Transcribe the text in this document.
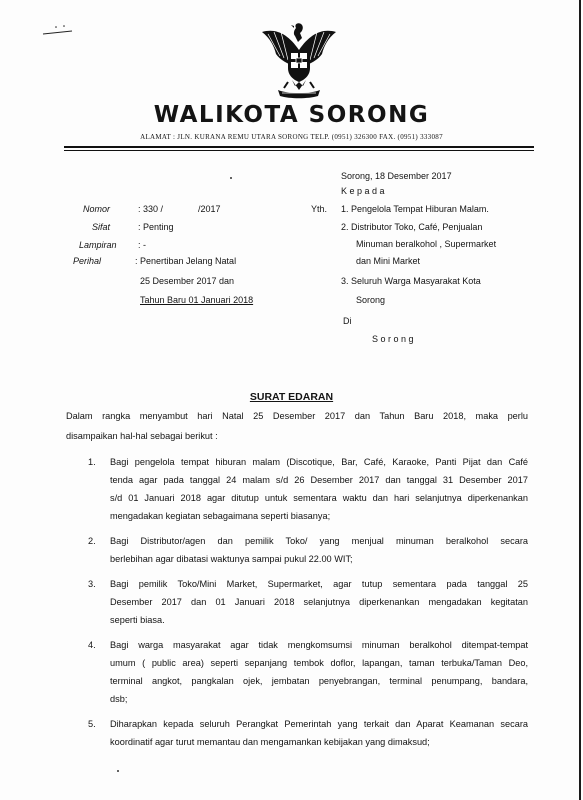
WALIKOTA SORONG
ALAMAT : JLN. KURANA REMU UTARA SORONG TELP. (0951) 326300 FAX. (0951) 333087
Sorong, 18 Desember 2017
Kepada
Nomor	: 330 /	/2017
Sifat	: Penting
Lampiran : -
Perihal	: Penertiban Jelang Natal
25 Desember 2017 dan
Tahun Baru 01 Januari 2018
Yth. 1. Pengelola Tempat Hiburan Malam.
2. Distributor Toko, Café, Penjualan
Minuman beralkohol , Supermarket
dan Mini Market
3. Seluruh Warga Masyarakat Kota
Sorong
Di
Sorong
SURAT EDARAN
Dalam rangka menyambut hari Natal 25 Desember 2017 dan Tahun Baru 2018, maka perlu
disampaikan hal-hal sebagai berikut :
1. Bagi pengelola tempat hiburan malam (Discotique, Bar, Café, Karaoke, Panti Pijat dan Café
tenda agar pada tanggal 24 malam s/d 26 Desember 2017 dan tanggal 31 Desember 2017
s/d 01 Januari 2018 agar ditutup untuk sementara waktu dan hari selanjutnya diperkenankan
mengadakan kegiatan sebagaimana seperti biasanya;
2. Bagi Distributor/agen dan pemilik Toko/ yang menjual minuman beralkohol secara
berlebihan agar dibatasi waktunya sampai pukul 22.00 WIT;
3. Bagi pemilik Toko/Mini Market, Supermarket, agar tutup sementara pada tanggal 25
Desember 2017 dan 01 Januari 2018 selanjutnya diperkenankan mengadakan kegitatan
seperti biasa.
4. Bagi warga masyarakat agar tidak mengkomsumsi minuman beralkohol ditempat-tempat
umum ( public area) seperti sepanjang tembok doflor, lapangan, taman terbuka/Taman Deo,
terminal angkot, pangkalan ojek, jembatan penyebrangan, terminal penumpang, bandara,
dsb;
5. Diharapkan kepada seluruh Perangkat Pemerintah yang terkait dan Aparat Keamanan secara
koordinatif agar turut memantau dan mengamankan kebijakan yang dimaksud;
